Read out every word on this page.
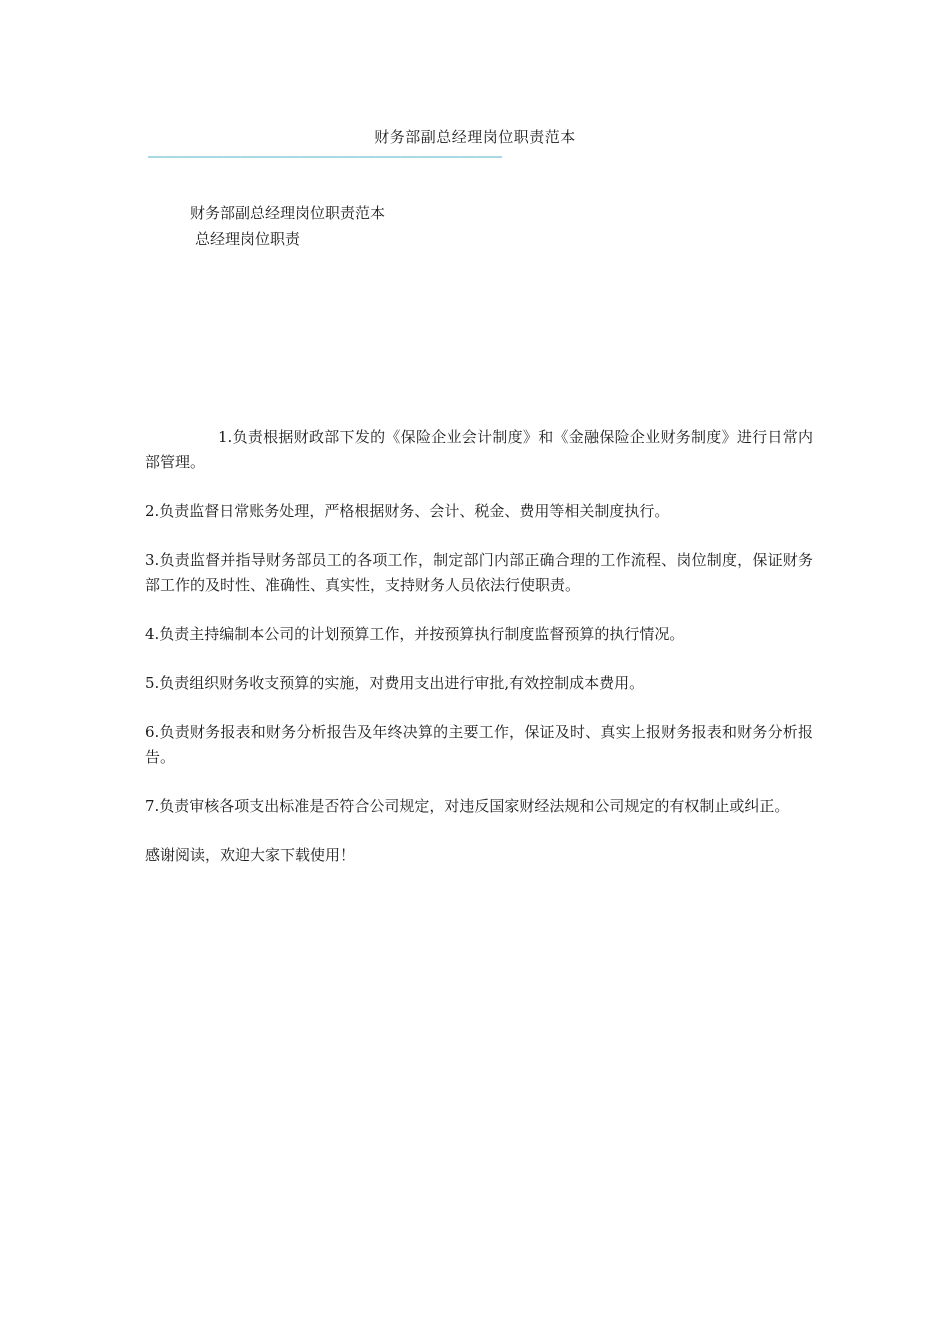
财务部副总经理岗位职责范本
——————————————————————————————————————————
财务部副总经理岗位职责范本
总经理岗位职责

1.负责根据财政部下发的《保险企业会计制度》和《金融保险企业财务制度》进行日常内部管理。

2.负责监督日常账务处理，严格根据财务、会计、税金、费用等相关制度执行。

3.负责监督并指导财务部员工的各项工作，制定部门内部正确合理的工作流程、岗位制度，保证财务部工作的及时性、准确性、真实性，支持财务人员依法行使职责。

4.负责主持编制本公司的计划预算工作，并按预算执行制度监督预算的执行情况。

5.负责组织财务收支预算的实施，对费用支出进行审批,有效控制成本费用。

6.负责财务报表和财务分析报告及年终决算的主要工作，保证及时、真实上报财务报表和财务分析报告。

7.负责审核各项支出标准是否符合公司规定，对违反国家财经法规和公司规定的有权制止或纠正。

感谢阅读，欢迎大家下载使用！
